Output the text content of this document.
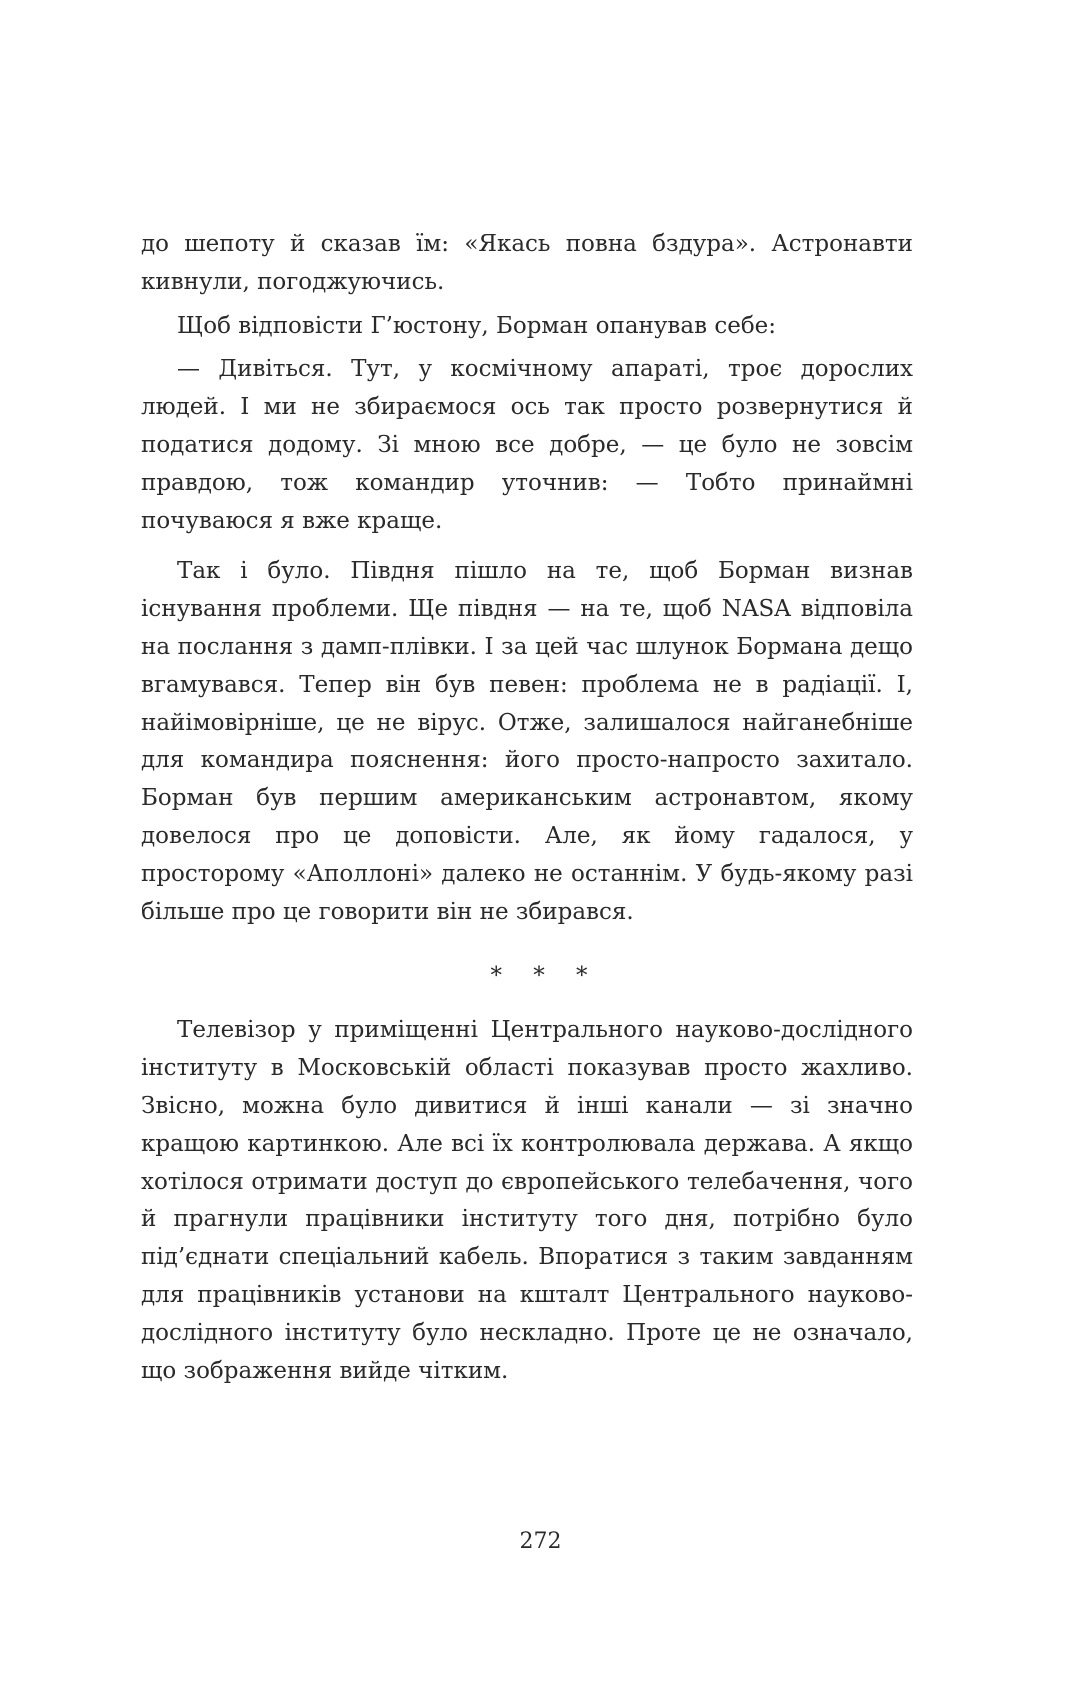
до шепоту й сказав їм: «Якась повна бздура». Астронавти кивнули, погоджуючись.

Щоб відповісти Г’юстону, Борман опанував себе:

— Дивіться. Тут, у космічному апараті, троє дорослих людей. І ми не збираємося ось так просто розвернутися й податися додому. Зі мною все добре, — це було не зовсім правдою, тож командир уточнив: — Тобто принаймні почуваюся я вже краще.

Так і було. Півдня пішло на те, щоб Борман визнав існування проблеми. Ще півдня — на те, щоб NASA відповіла на послання з дамп-плівки. І за цей час шлунок Бормана дещо вгамувався. Тепер він був певен: проблема не в радіації. І, найімовірніше, це не вірус. Отже, залишалося найганебніше для командира пояснення: його просто-напросто захитало. Борман був першим американським астронавтом, якому довелося про це доповісти. Але, як йому гадалося, у просторому «Аполлоні» далеко не останнім. У будь-якому разі більше про це говорити він не збирався.

* * *

Телевізор у приміщенні Центрального науково-дослідного інституту в Московській області показував просто жахливо. Звісно, можна було дивитися й інші канали — зі значно кращою картинкою. Але всі їх контролювала держава. А якщо хотілося отримати доступ до європейського телебачення, чого й прагнули працівники інституту того дня, потрібно було під’єднати спеціальний кабель. Впоратися з таким завданням для працівників установи на кшталт Центрального науково-дослідного інституту було нескладно. Проте це не означало, що зображення вийде чітким.

272
